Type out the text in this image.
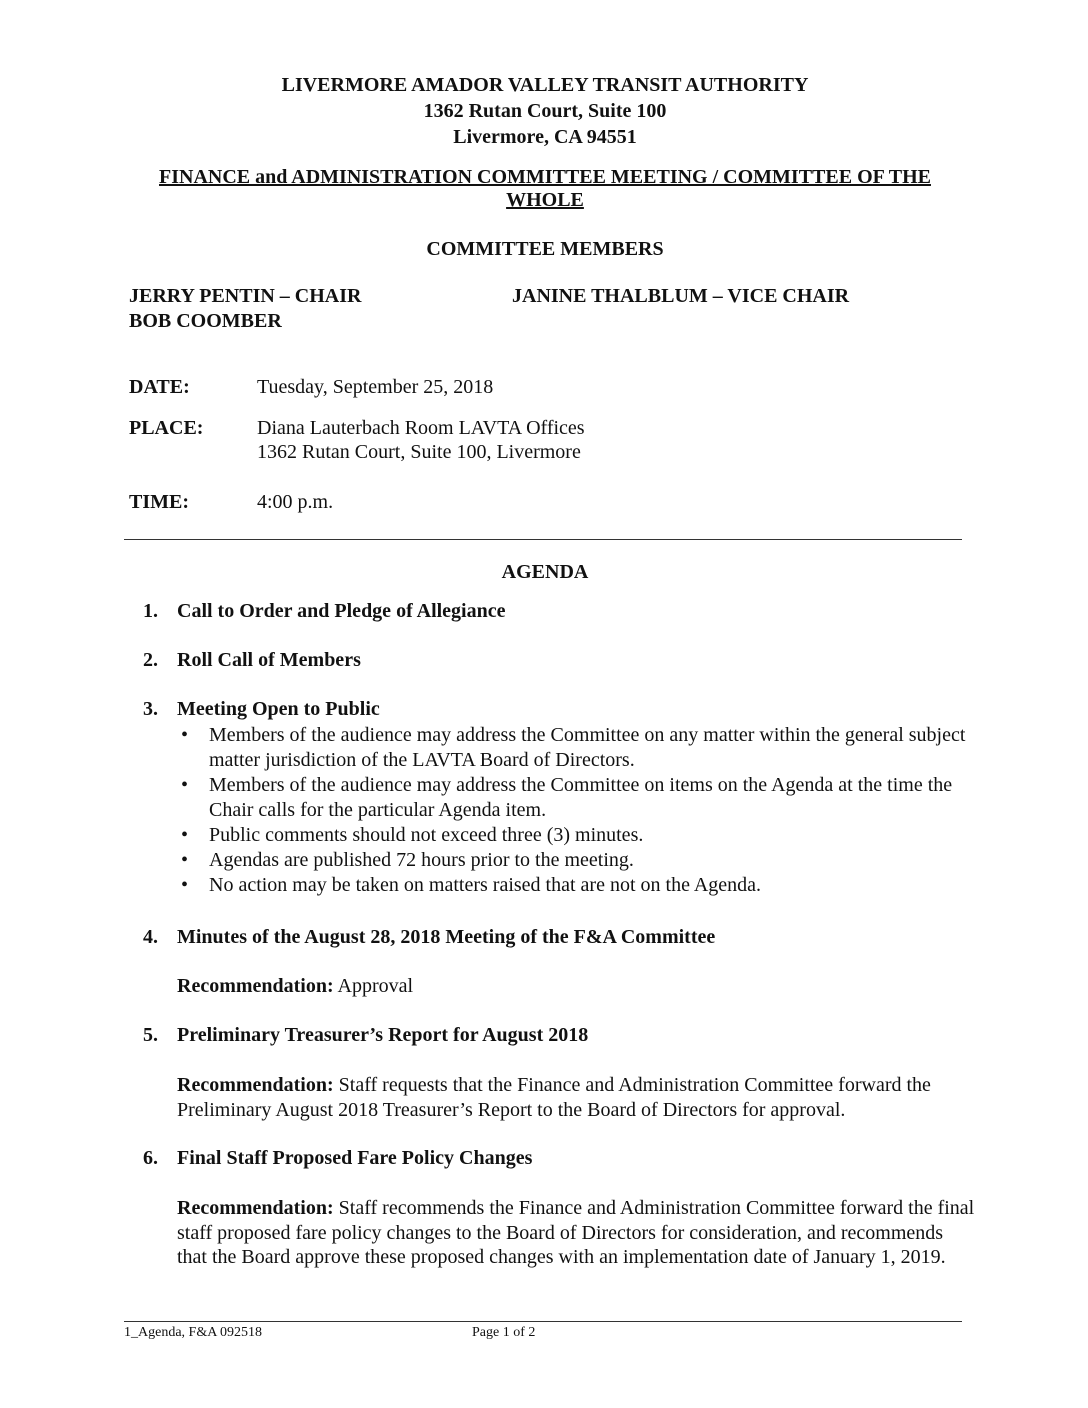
LIVERMORE AMADOR VALLEY TRANSIT AUTHORITY
1362 Rutan Court, Suite 100
Livermore, CA 94551
FINANCE and ADMINISTRATION COMMITTEE MEETING / COMMITTEE OF THE
WHOLE
COMMITTEE MEMBERS
JERRY PENTIN – CHAIR	JANINE THALBLUM – VICE CHAIR
BOB COOMBER
DATE:	Tuesday, September 25, 2018
PLACE:	Diana Lauterbach Room LAVTA Offices
1362 Rutan Court, Suite 100, Livermore
TIME:	4:00 p.m.
AGENDA
1. Call to Order and Pledge of Allegiance
2. Roll Call of Members
3. Meeting Open to Public
• Members of the audience may address the Committee on any matter within the general subject matter jurisdiction of the LAVTA Board of Directors.
• Members of the audience may address the Committee on items on the Agenda at the time the Chair calls for the particular Agenda item.
• Public comments should not exceed three (3) minutes.
• Agendas are published 72 hours prior to the meeting.
• No action may be taken on matters raised that are not on the Agenda.
4. Minutes of the August 28, 2018 Meeting of the F&A Committee
Recommendation: Approval
5. Preliminary Treasurer’s Report for August 2018
Recommendation: Staff requests that the Finance and Administration Committee forward the Preliminary August 2018 Treasurer’s Report to the Board of Directors for approval.
6. Final Staff Proposed Fare Policy Changes
Recommendation: Staff recommends the Finance and Administration Committee forward the final staff proposed fare policy changes to the Board of Directors for consideration, and recommends that the Board approve these proposed changes with an implementation date of January 1, 2019.
1_Agenda, F&A 092518	Page 1 of 2
